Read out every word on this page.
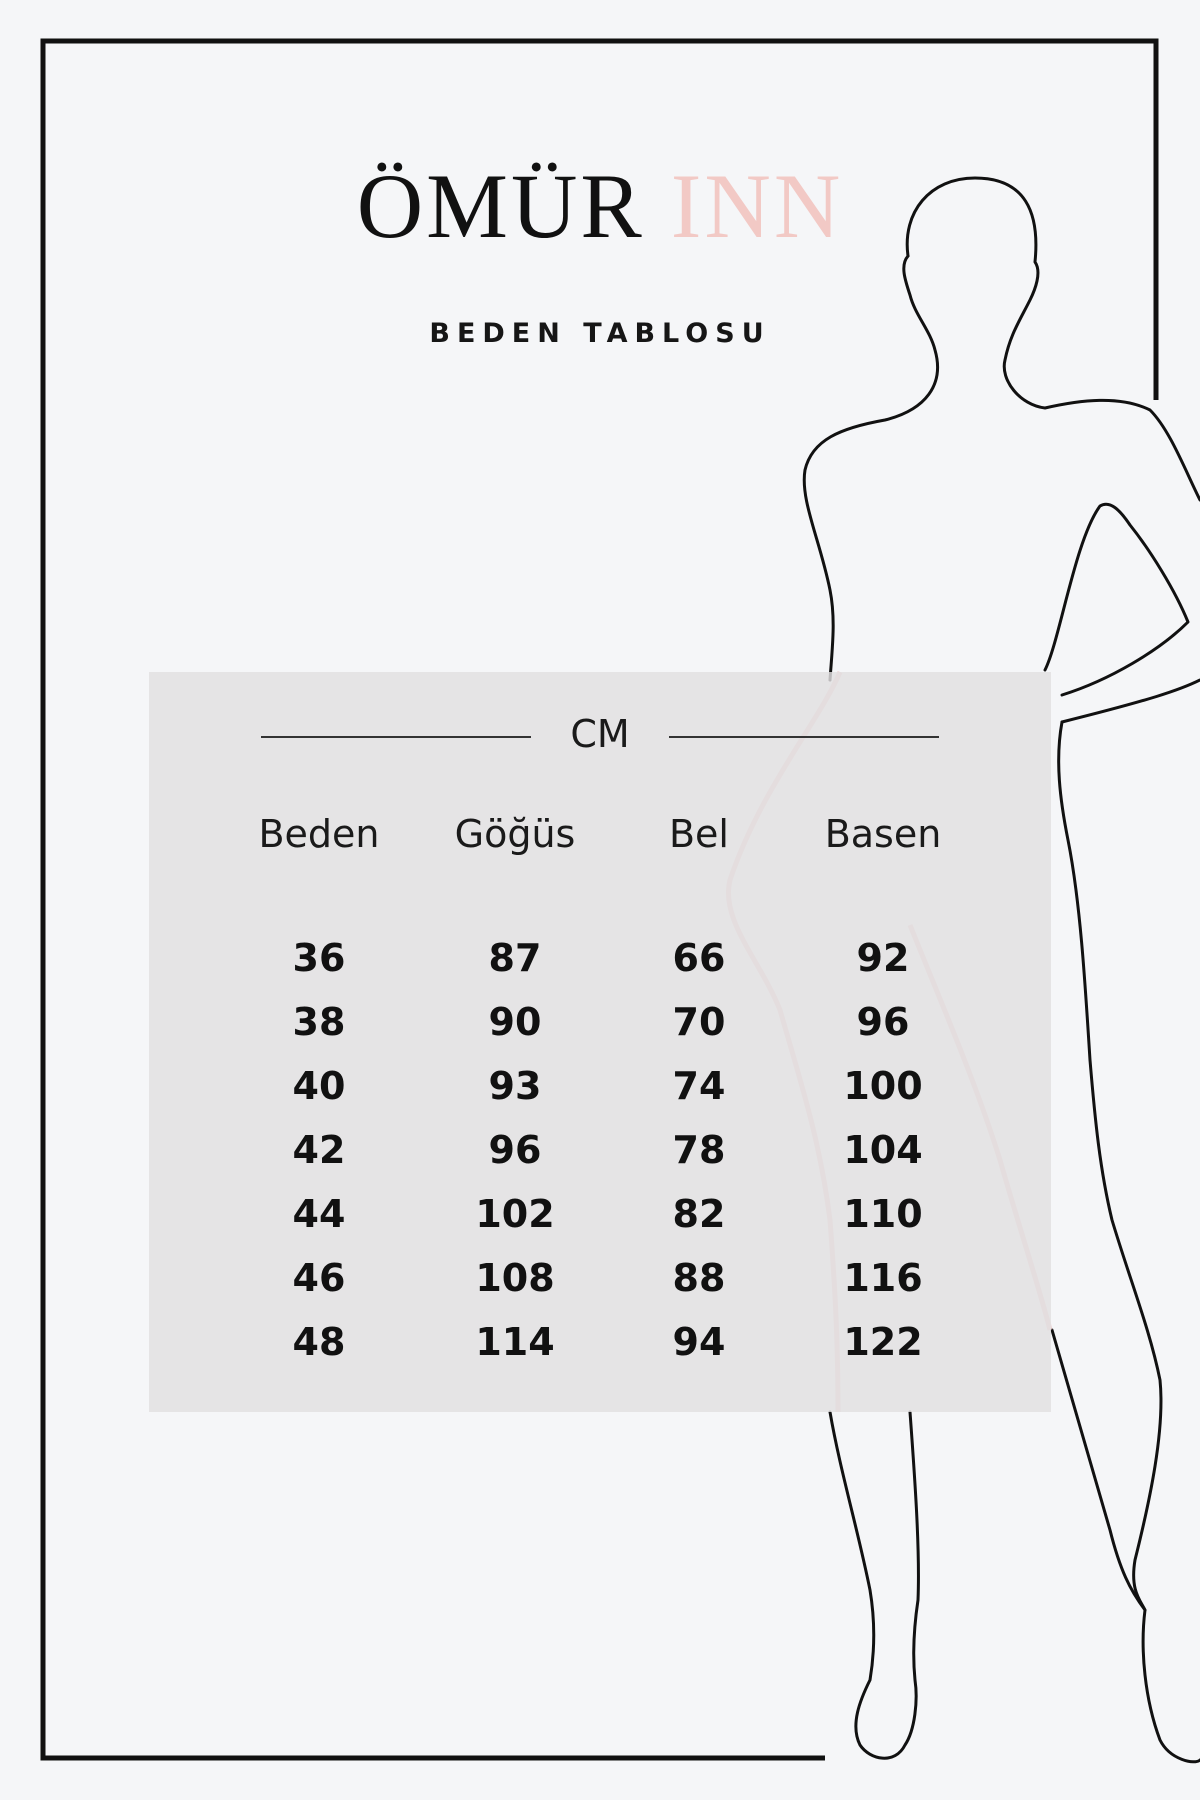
ÖMÜR INN
BEDEN TABLOSU
CM
Beden	Göğüs	Bel	Basen
36	87	66	92
38	90	70	96
40	93	74	100
42	96	78	104
44	102	82	110
46	108	88	116
48	114	94	122
